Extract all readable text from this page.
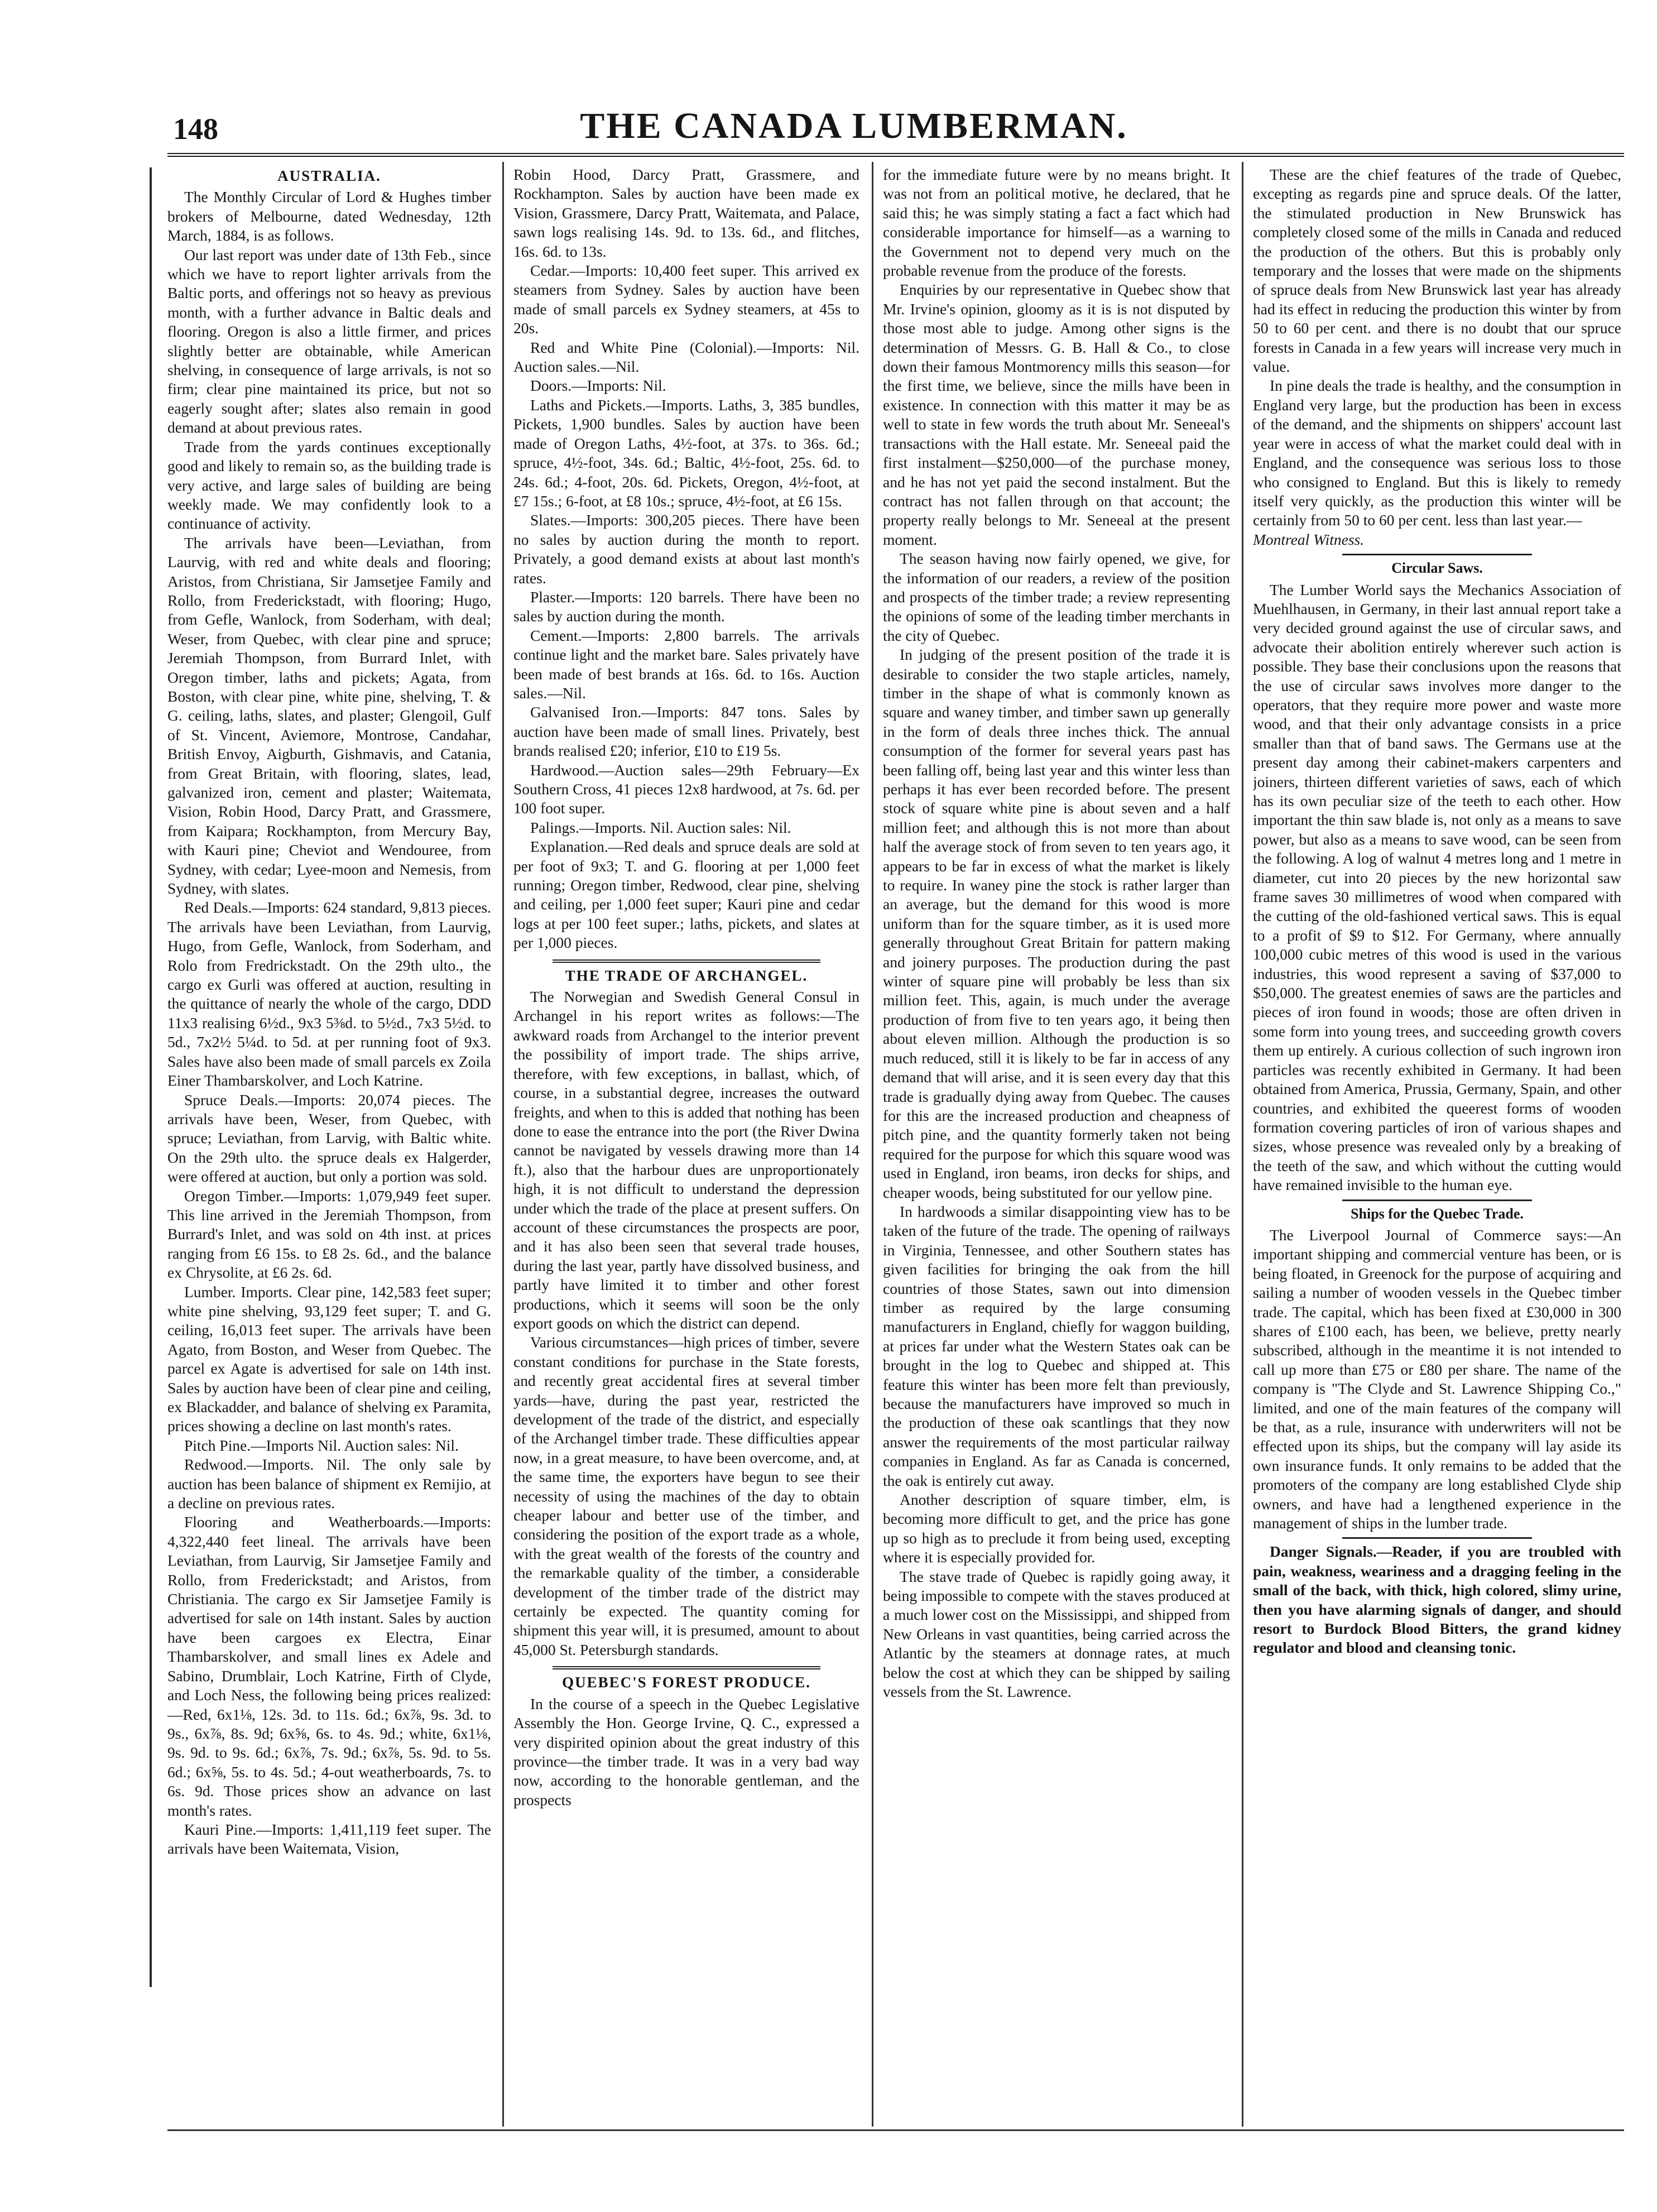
148	THE CANADA LUMBERMAN.
AUSTRALIA.

The Monthly Circular of Lord & Hughes timber brokers of Melbourne, dated Wednesday, 12th March, 1884, is as follows.

Our last report was under date of 13th Feb., since which we have to report lighter arrivals from the Baltic ports, and offerings not so heavy as previous month, with a further advance in Baltic deals and flooring. Oregon is also a little firmer, and prices slightly better are obtainable, while American shelving, in consequence of large arrivals, is not so firm; clear pine maintained its price, but not so eagerly sought after; slates also remain in good demand at about previous rates.

Trade from the yards continues exceptionally good and likely to remain so, as the building trade is very active, and large sales of building are being weekly made. We may confidently look to a continuance of activity.

The arrivals have been—Leviathan, from Laurvig, with red and white deals and flooring; Aristos, from Christiana, Sir Jamsetjee Family and Rollo, from Frederickstadt, with flooring; Hugo, from Gefle, Wanlock, from Soderham, with deal; Weser, from Quebec, with clear pine and spruce; Jeremiah Thompson, from Burrard Inlet, with Oregon timber, laths and pickets; Agata, from Boston, with clear pine, white pine, shelving, T. & G. ceiling, laths, slates, and plaster; Glengoil, Gulf of St. Vincent, Aviemore, Montrose, Candahar, British Envoy, Aigburth, Gishmavis, and Catania, from Great Britain, with flooring, slates, lead, galvanized iron, cement and plaster; Waitemata, Vision, Robin Hood, Darcy Pratt, and Grassmere, from Kaipara; Rockhampton, from Mercury Bay, with Kauri pine; Cheviot and Wendouree, from Sydney, with cedar; Lyee-moon and Nemesis, from Sydney, with slates.

Red Deals.—Imports: 624 standard, 9,813 pieces. The arrivals have been Leviathan, from Laurvig, Hugo, from Gefle, Wanlock, from Soderham, and Rolo from Fredrickstadt. On the 29th ulto., the cargo ex Gurli was offered at auction, resulting in the quittance of nearly the whole of the cargo, DDD 11x3 realising 6½d., 9x3 5⅜d. to 5½d., 7x3 5½d. to 5d., 7x2½ 5¼d. to 5d. at per running foot of 9x3. Sales have also been made of small parcels ex Zoila Einer Thambarskolver, and Loch Katrine.

Spruce Deals.—Imports: 20,074 pieces. The arrivals have been, Weser, from Quebec, with spruce; Leviathan, from Larvig, with Baltic white. On the 29th ulto. the spruce deals ex Halgerder, were offered at auction, but only a portion was sold.

Oregon Timber.—Imports: 1,079,949 feet super. This line arrived in the Jeremiah Thompson, from Burrard's Inlet, and was sold on 4th inst. at prices ranging from £6 15s. to £8 2s. 6d., and the balance ex Chrysolite, at £6 2s. 6d.

Lumber. Imports. Clear pine, 142,583 feet super; white pine shelving, 93,129 feet super; T. and G. ceiling, 16,013 feet super. The arrivals have been Agato, from Boston, and Weser from Quebec. The parcel ex Agate is advertised for sale on 14th inst. Sales by auction have been of clear pine and ceiling, ex Blackadder, and balance of shelving ex Paramita, prices showing a decline on last month's rates.

Pitch Pine.—Imports Nil. Auction sales: Nil.

Redwood.—Imports. Nil. The only sale by auction has been balance of shipment ex Remijio, at a decline on previous rates.

Flooring and Weatherboards.—Imports: 4,322,440 feet lineal. The arrivals have been Leviathan, from Laurvig, Sir Jamsetjee Family and Rollo, from Frederickstadt; and Aristos, from Christiania. The cargo ex Sir Jamsetjee Family is advertised for sale on 14th instant. Sales by auction have been cargoes ex Electra, Einar Thambarskolver, and small lines ex Adele and Sabino, Drumblair, Loch Katrine, Firth of Clyde, and Loch Ness, the following being prices realized:—Red, 6x1⅛, 12s. 3d. to 11s. 6d.; 6x⅞, 9s. 3d. to 9s., 6x⅞, 8s. 9d; 6x⅝, 6s. to 4s. 9d.; white, 6x1⅛, 9s. 9d. to 9s. 6d.; 6x⅞, 7s. 9d.; 6x⅞, 5s. 9d. to 5s. 6d.; 6x⅝, 5s. to 4s. 5d.; 4-out weatherboards, 7s. to 6s. 9d. Those prices show an advance on last month's rates.

Kauri Pine.—Imports: 1,411,119 feet super. The arrivals have been Waitemata, Vision,

Robin Hood, Darcy Pratt, Grassmere, and Rockhampton. Sales by auction have been made ex Vision, Grassmere, Darcy Pratt, Waitemata, and Palace, sawn logs realising 14s. 9d. to 13s. 6d., and flitches, 16s. 6d. to 13s.

Cedar.—Imports: 10,400 feet super. This arrived ex steamers from Sydney. Sales by auction have been made of small parcels ex Sydney steamers, at 45s to 20s.

Red and White Pine (Colonial).—Imports: Nil. Auction sales.—Nil.

Doors.—Imports: Nil.

Laths and Pickets.—Imports. Laths, 3, 385 bundles, Pickets, 1,900 bundles. Sales by auction have been made of Oregon Laths, 4½-foot, at 37s. to 36s. 6d.; spruce, 4½-foot, 34s. 6d.; Baltic, 4½-foot, 25s. 6d. to 24s. 6d.; 4-foot, 20s. 6d. Pickets, Oregon, 4½-foot, at £7 15s.; 6-foot, at £8 10s.; spruce, 4½-foot, at £6 15s.

Slates.—Imports: 300,205 pieces. There have been no sales by auction during the month to report. Privately, a good demand exists at about last month's rates.

Plaster.—Imports: 120 barrels. There have been no sales by auction during the month.

Cement.—Imports: 2,800 barrels. The arrivals continue light and the market bare. Sales privately have been made of best brands at 16s. 6d. to 16s. Auction sales.—Nil.

Galvanised Iron.—Imports: 847 tons. Sales by auction have been made of small lines. Privately, best brands realised £20; inferior, £10 to £19 5s.

Hardwood.—Auction sales—29th February—Ex Southern Cross, 41 pieces 12x8 hardwood, at 7s. 6d. per 100 foot super.

Palings.—Imports. Nil. Auction sales: Nil.

Explanation.—Red deals and spruce deals are sold at per foot of 9x3; T. and G. flooring at per 1,000 feet running; Oregon timber, Redwood, clear pine, shelving and ceiling, per 1,000 feet super; Kauri pine and cedar logs at per 100 feet super.; laths, pickets, and slates at per 1,000 pieces.

THE TRADE OF ARCHANGEL.

The Norwegian and Swedish General Consul in Archangel in his report writes as follows:—The awkward roads from Archangel to the interior prevent the possibility of import trade. The ships arrive, therefore, with few exceptions, in ballast, which, of course, in a substantial degree, increases the outward freights, and when to this is added that nothing has been done to ease the entrance into the port (the River Dwina cannot be navigated by vessels drawing more than 14 ft.), also that the harbour dues are unproportionately high, it is not difficult to understand the depression under which the trade of the place at present suffers. On account of these circumstances the prospects are poor, and it has also been seen that several trade houses, during the last year, partly have dissolved business, and partly have limited it to timber and other forest productions, which it seems will soon be the only export goods on which the district can depend.

Various circumstances—high prices of timber, severe constant conditions for purchase in the State forests, and recently great accidental fires at several timber yards—have, during the past year, restricted the development of the trade of the district, and especially of the Archangel timber trade. These difficulties appear now, in a great measure, to have been overcome, and, at the same time, the exporters have begun to see their necessity of using the machines of the day to obtain cheaper labour and better use of the timber, and considering the position of the export trade as a whole, with the great wealth of the forests of the country and the remarkable quality of the timber, a considerable development of the timber trade of the district may certainly be expected. The quantity coming for shipment this year will, it is presumed, amount to about 45,000 St. Petersburgh standards.

QUEBEC'S FOREST PRODUCE.

In the course of a speech in the Quebec Legislative Assembly the Hon. George Irvine, Q. C., expressed a very dispirited opinion about the great industry of this province—the timber trade. It was in a very bad way now, according to the honorable gentleman, and the prospects

for the immediate future were by no means bright. It was not from an political motive, he declared, that he said this; he was simply stating a fact a fact which had considerable importance for himself—as a warning to the Government not to depend very much on the probable revenue from the produce of the forests.

Enquiries by our representative in Quebec show that Mr. Irvine's opinion, gloomy as it is is not disputed by those most able to judge. Among other signs is the determination of Messrs. G. B. Hall & Co., to close down their famous Montmorency mills this season—for the first time, we believe, since the mills have been in existence. In connection with this matter it may be as well to state in few words the truth about Mr. Seneeal's transactions with the Hall estate. Mr. Seneeal paid the first instalment—$250,000—of the purchase money, and he has not yet paid the second instalment. But the contract has not fallen through on that account; the property really belongs to Mr. Seneeal at the present moment.

The season having now fairly opened, we give, for the information of our readers, a review of the position and prospects of the timber trade; a review representing the opinions of some of the leading timber merchants in the city of Quebec.

In judging of the present position of the trade it is desirable to consider the two staple articles, namely, timber in the shape of what is commonly known as square and waney timber, and timber sawn up generally in the form of deals three inches thick. The annual consumption of the former for several years past has been falling off, being last year and this winter less than perhaps it has ever been recorded before. The present stock of square white pine is about seven and a half million feet; and although this is not more than about half the average stock of from seven to ten years ago, it appears to be far in excess of what the market is likely to require. In waney pine the stock is rather larger than an average, but the demand for this wood is more uniform than for the square timber, as it is used more generally throughout Great Britain for pattern making and joinery purposes. The production during the past winter of square pine will probably be less than six million feet. This, again, is much under the average production of from five to ten years ago, it being then about eleven million. Although the production is so much reduced, still it is likely to be far in access of any demand that will arise, and it is seen every day that this trade is gradually dying away from Quebec. The causes for this are the increased production and cheapness of pitch pine, and the quantity formerly taken not being required for the purpose for which this square wood was used in England, iron beams, iron decks for ships, and cheaper woods, being substituted for our yellow pine.

In hardwoods a similar disappointing view has to be taken of the future of the trade. The opening of railways in Virginia, Tennessee, and other Southern states has given facilities for bringing the oak from the hill countries of those States, sawn out into dimension timber as required by the large consuming manufacturers in England, chiefly for waggon building, at prices far under what the Western States oak can be brought in the log to Quebec and shipped at. This feature this winter has been more felt than previously, because the manufacturers have improved so much in the production of these oak scantlings that they now answer the requirements of the most particular railway companies in England. As far as Canada is concerned, the oak is entirely cut away.

Another description of square timber, elm, is becoming more difficult to get, and the price has gone up so high as to preclude it from being used, excepting where it is especially provided for.

The stave trade of Quebec is rapidly going away, it being impossible to compete with the staves produced at a much lower cost on the Mississippi, and shipped from New Orleans in vast quantities, being carried across the Atlantic by the steamers at donnage rates, at much below the cost at which they can be shipped by sailing vessels from the St. Lawrence.

These are the chief features of the trade of Quebec, excepting as regards pine and spruce deals. Of the latter, the stimulated production in New Brunswick has completely closed some of the mills in Canada and reduced the production of the others. But this is probably only temporary and the losses that were made on the shipments of spruce deals from New Brunswick last year has already had its effect in reducing the production this winter by from 50 to 60 per cent. and there is no doubt that our spruce forests in Canada in a few years will increase very much in value.

In pine deals the trade is healthy, and the consumption in England very large, but the production has been in excess of the demand, and the shipments on shippers' account last year were in access of what the market could deal with in England, and the consequence was serious loss to those who consigned to England. But this is likely to remedy itself very quickly, as the production this winter will be certainly from 50 to 60 per cent. less than last year.—

Montreal Witness.

Circular Saws.

The Lumber World says the Mechanics Association of Muehlhausen, in Germany, in their last annual report take a very decided ground against the use of circular saws, and advocate their abolition entirely wherever such action is possible. They base their conclusions upon the reasons that the use of circular saws involves more danger to the operators, that they require more power and waste more wood, and that their only advantage consists in a price smaller than that of band saws. The Germans use at the present day among their cabinet-makers carpenters and joiners, thirteen different varieties of saws, each of which has its own peculiar size of the teeth to each other. How important the thin saw blade is, not only as a means to save power, but also as a means to save wood, can be seen from the following. A log of walnut 4 metres long and 1 metre in diameter, cut into 20 pieces by the new horizontal saw frame saves 30 millimetres of wood when compared with the cutting of the old-fashioned vertical saws. This is equal to a profit of $9 to $12. For Germany, where annually 100,000 cubic metres of this wood is used in the various industries, this wood represent a saving of $37,000 to $50,000. The greatest enemies of saws are the particles and pieces of iron found in woods; those are often driven in some form into young trees, and succeeding growth covers them up entirely. A curious collection of such ingrown iron particles was recently exhibited in Germany. It had been obtained from America, Prussia, Germany, Spain, and other countries, and exhibited the queerest forms of wooden formation covering particles of iron of various shapes and sizes, whose presence was revealed only by a breaking of the teeth of the saw, and which without the cutting would have remained invisible to the human eye.

Ships for the Quebec Trade.

The Liverpool Journal of Commerce says:—An important shipping and commercial venture has been, or is being floated, in Greenock for the purpose of acquiring and sailing a number of wooden vessels in the Quebec timber trade. The capital, which has been fixed at £30,000 in 300 shares of £100 each, has been, we believe, pretty nearly subscribed, although in the meantime it is not intended to call up more than £75 or £80 per share. The name of the company is "The Clyde and St. Lawrence Shipping Co.," limited, and one of the main features of the company will be that, as a rule, insurance with underwriters will not be effected upon its ships, but the company will lay aside its own insurance funds. It only remains to be added that the promoters of the company are long established Clyde ship owners, and have had a lengthened experience in the management of ships in the lumber trade.

Danger Signals.—Reader, if you are troubled with pain, weakness, weariness and a dragging feeling in the small of the back, with thick, high colored, slimy urine, then you have alarming signals of danger, and should resort to Burdock Blood Bitters, the grand kidney regulator and blood and cleansing tonic.
